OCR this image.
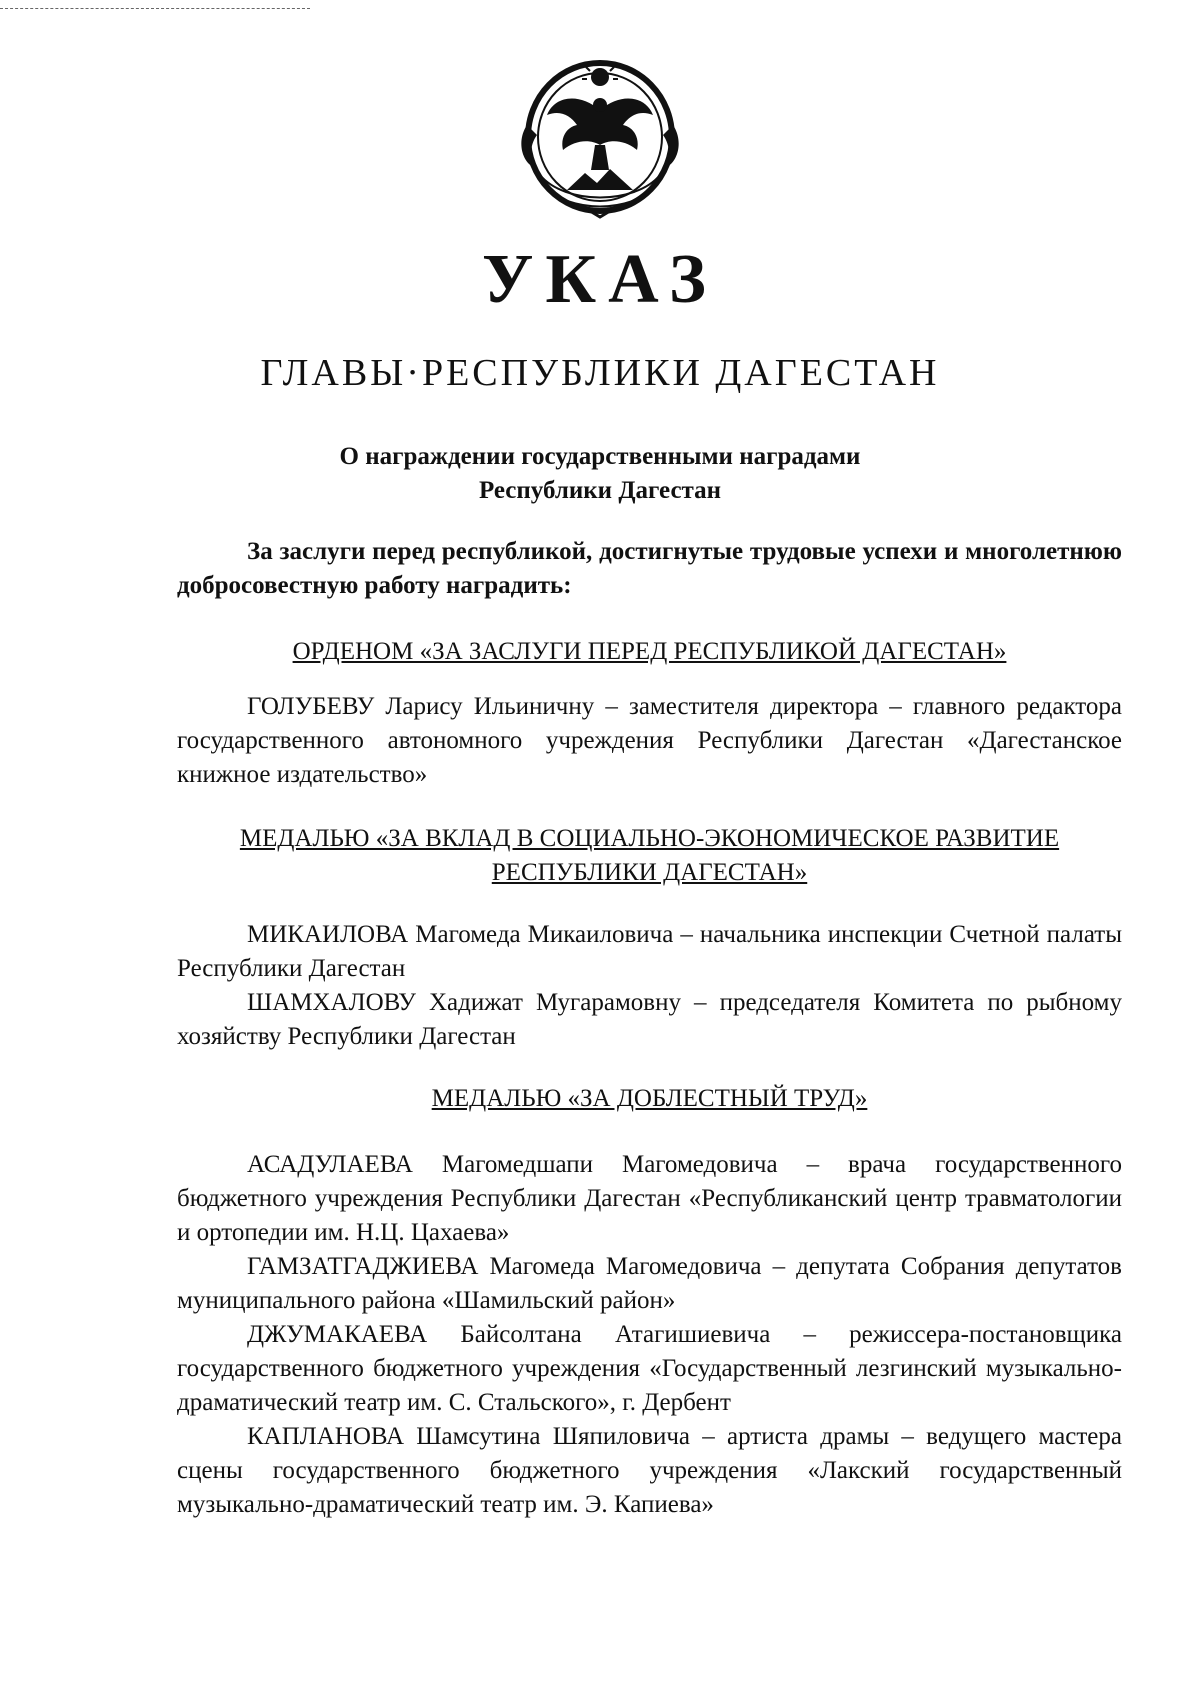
УКАЗ
ГЛАВЫ·РЕСПУБЛИКИ ДАГЕСТАН
О награждении государственными наградами
Республики Дагестан

За заслуги перед республикой, достигнутые трудовые успехи и многолетнюю добросовестную работу наградить:

ОРДЕНОМ «ЗА ЗАСЛУГИ ПЕРЕД РЕСПУБЛИКОЙ ДАГЕСТАН»

ГОЛУБЕВУ Ларису Ильиничну – заместителя директора – главного редактора государственного автономного учреждения Республики Дагестан «Дагестанское книжное издательство»

МЕДАЛЬЮ «ЗА ВКЛАД В СОЦИАЛЬНО-ЭКОНОМИЧЕСКОЕ РАЗВИТИЕ
РЕСПУБЛИКИ ДАГЕСТАН»

МИКАИЛОВА Магомеда Микаиловича – начальника инспекции Счетной палаты Республики Дагестан

ШАМХАЛОВУ Хадижат Мугарамовну – председателя Комитета по рыбному хозяйству Республики Дагестан

МЕДАЛЬЮ «ЗА ДОБЛЕСТНЫЙ ТРУД»

АСАДУЛАЕВА Магомедшапи Магомедовича – врача государственного бюджетного учреждения Республики Дагестан «Республиканский центр травматологии и ортопедии им. Н.Ц. Цахаева»

ГАМЗАТГАДЖИЕВА Магомеда Магомедовича – депутата Собрания депутатов муниципального района «Шамильский район»

ДЖУМАКАЕВА Байсолтана Атагишиевича – режиссера-постановщика государственного бюджетного учреждения «Государственный лезгинский музыкально-драматический театр им. С. Стальского», г. Дербент

КАПЛАНОВА Шамсутина Шяпиловича – артиста драмы – ведущего мастера сцены государственного бюджетного учреждения «Лакский государственный музыкально-драматический театр им. Э. Капиева»
